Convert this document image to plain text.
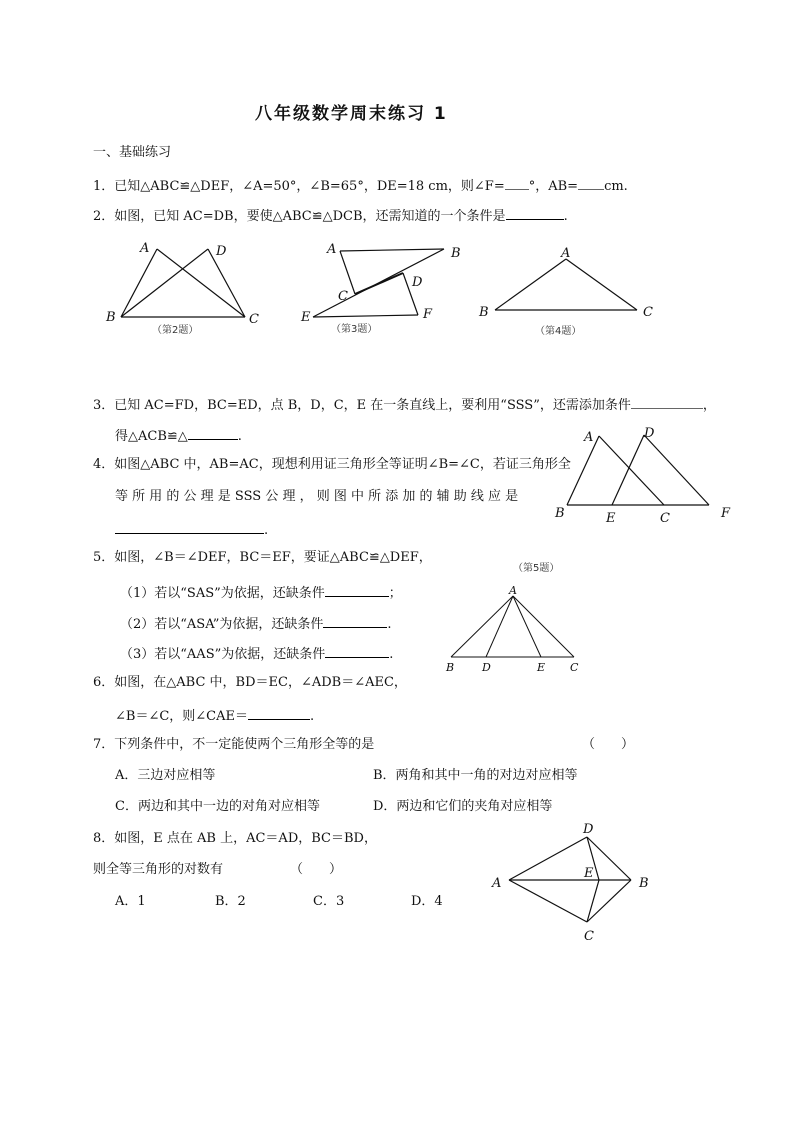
八年级数学周末练习 1
一、基础练习
1．已知△ABC≌△DEF，∠A=50°，∠B=65°，DE=18 cm，则∠F= °，AB= cm.
2．如图，已知 AC=DB，要使△ABC≌△DCB，还需知道的一个条件是	.
A	D
B	C
（第2题）
A	B
C
D
E	F
（第3题）
A
B	C
（第4题）
A	D
B	E	C	F
（第5题）
A
B	D	E C
D
A
E
B
C
3．已知 AC=FD，BC=ED，点 B，D，C，E 在一条直线上，要利用“SSS”，还需添加条件	，
得△ACB≌△	.
4．如图△ABC 中，AB=AC，现想利用证三角形全等证明∠B=∠C，若证三角形全
等 所 用 的 公 理 是 SSS 公 理 ， 则 图 中 所 添 加 的 辅 助 线 应 是
.
5．如图，∠B＝∠DEF，BC＝EF，要证△ABC≌△DEF，
（1）若以“SAS”为依据，还缺条件	；
（2）若以“ASA”为依据，还缺条件	.
（3）若以“AAS”为依据，还缺条件	.
6．如图，在△ABC 中，BD＝EC，∠ADB＝∠AEC，
∠B＝∠C，则∠CAE＝	.
7．下列条件中，不一定能使两个三角形全等的是	（　　）
A．三边对应相等	B．两角和其中一角的对边对应相等
C．两边和其中一边的对角对应相等	D．两边和它们的夹角对应相等
8．如图，E 点在 AB 上，AC＝AD，BC＝BD，
则全等三角形的对数有	（　　）
A．1	B．2	C．3	D．4
